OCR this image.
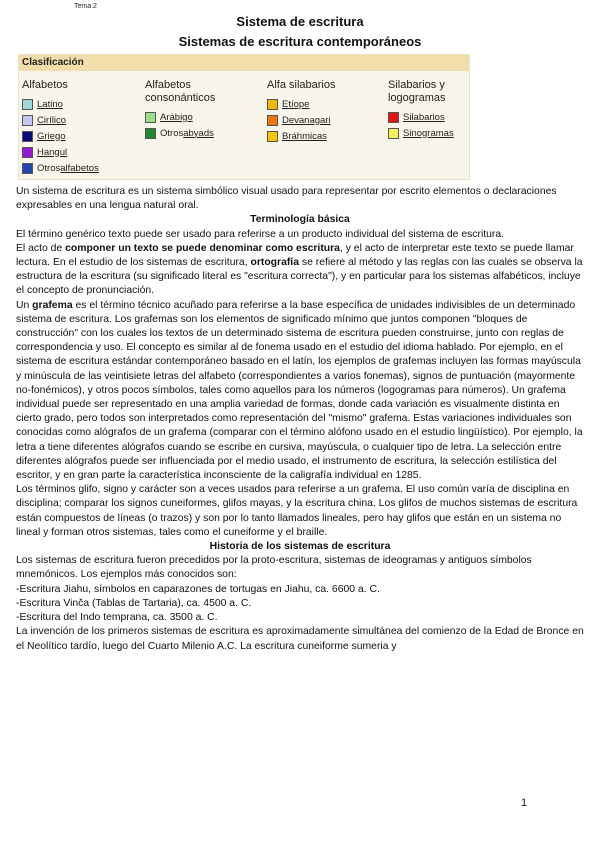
Tema 2
Sistema de escritura
Sistemas de escritura contemporáneos
Clasificación
Alfabetos
Latino
Cirílico
Griego
Hangul
Otros alfabetos
Alfabetos
consonánticos
Arábigo
Otros abyads
Alfa silabarios
Etíope
Devanagari
Bráhmicas
Silabarios y
logogramas
Silabarios
Sinogramas

Un sistema de escritura es un sistema simbólico visual usado para representar por escrito elementos o declaraciones expresables en una lengua natural oral.

Terminología básica

El término genérico texto puede ser usado para referirse a un producto individual del sistema de escritura.

El acto de componer un texto se puede denominar como escritura, y el acto de interpretar este texto se puede llamar lectura. En el estudio de los sistemas de escritura, ortografía se refiere al método y las reglas con las cuales se observa la estructura de la escritura (su significado literal es "escritura correcta"), y en particular para los sistemas alfabéticos, incluye el concepto de pronunciación.

Un grafema es el término técnico acuñado para referirse a la base específica de unidades indivisibles de un determinado sistema de escritura. Los grafemas son los elementos de significado mínimo que juntos componen "bloques de construcción" con los cuales los textos de un determinado sistema de escritura pueden construirse, junto con reglas de correspondencia y uso. El concepto es similar al de fonema usado en el estudio del idioma hablado. Por ejemplo, en el sistema de escritura estándar contemporáneo basado en el latín, los ejemplos de grafemas incluyen las formas mayúscula y minúscula de las veintisiete letras del alfabeto (correspondientes a varios fonemas), signos de puntuación (mayormente no-fonémicos), y otros pocos símbolos, tales como aquellos para los números (logogramas para números). Un grafema individual puede ser representado en una amplia variedad de formas, donde cada variación es visualmente distinta en cierto grado, pero todos son interpretados como representación del "mismo" grafema. Estas variaciones individuales son conocidas como alógrafos de un grafema (comparar con el término alófono usado en el estudio lingüístico). Por ejemplo, la letra a tiene diferentes alógrafos cuando se escribe en cursiva, mayúscula, o cualquier tipo de letra. La selección entre diferentes alógrafos puede ser influenciada por el medio usado, el instrumento de escritura, la selección estilística del escritor, y en gran parte la característica inconsciente de la caligrafía individual en 1285.

Los términos glifo, signo y carácter son a veces usados para referirse a un grafema. El uso común varía de disciplina en disciplina; comparar los signos cuneiformes, glifos mayas, y la escritura china. Los glifos de muchos sistemas de escritura están compuestos de líneas (o trazos) y son por lo tanto llamados lineales, pero hay glifos que están en un sistema no lineal y forman otros sistemas, tales como el cuneiforme y el braille.

Historia de los sistemas de escritura

Los sistemas de escritura fueron precedidos por la proto-escritura, sistemas de ideogramas y antiguos símbolos mnemónicos. Los ejemplos más conocidos son:

-Escritura Jiahu, símbolos en caparazones de tortugas en Jiahu, ca. 6600 a. C.

-Escritura Vinča (Tablas de Tartaria), ca. 4500 a. C.

-Escritura del Indo temprana, ca. 3500 a. C.

La invención de los primeros sistemas de escritura es aproximadamente simultánea del comienzo de la Edad de Bronce en el Neolítico tardío, luego del Cuarto Milenio A.C. La escritura cuneiforme sumeria y

1
